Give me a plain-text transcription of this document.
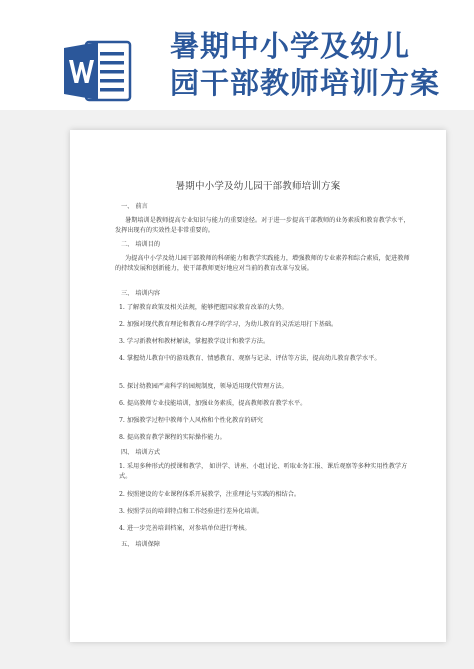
暑期中小学及幼儿
园干部教师培训方案
暑期中小学及幼儿园干部教师培训方案
一、 前言
暑期培训是教师提高专业知识与能力的重要途径。对于进一步提高干部教师的业务素质和教育教学水平，发挥出现有的实效性是非常重要的。
二、 培训目的
为提高中小学及幼儿园干部教师的科研能力和教学实践能力，增强教师的专业素养和综合素质，促进教师的持续发展和创新能力，使干部教师更好地应对当前的教育改革与发展。
三、 培训内容
1. 了解教育政策及相关法规，能够把握国家教育改革的大势。
2. 加强对现代教育理论和教育心理学的学习，为幼儿教育的灵活运用打下基础。
3. 学习新教材和教材解读，掌握教学设计和教学方法。
4. 掌握幼儿教育中的游戏教育、情感教育、观察与记录、评估等方法，提高幼儿教育教学水平。
5. 探讨幼教园严肃科学的园规制度，领导适用现代管理方法。
6. 提高教师专业技能培训，加强业务素质，提高教师教育教学水平。
7. 加强教学过程中教师个人风格和个性化教育的研究
8. 提高教育教学课程的实际操作能力。
四、 培训方式
1. 采用多种形式的授课和教学， 如讲学、讲座、小组讨论、听取业务汇报、课后观察等多种实用性教学方式。
2. 按照建设的专业课程体系开展教学，注重理论与实践的相结合。
3. 按照学员的培训特点和工作经验进行差异化培训。
4. 进一步完善培训档案，对参培单位进行考核。
五、 培训保障
